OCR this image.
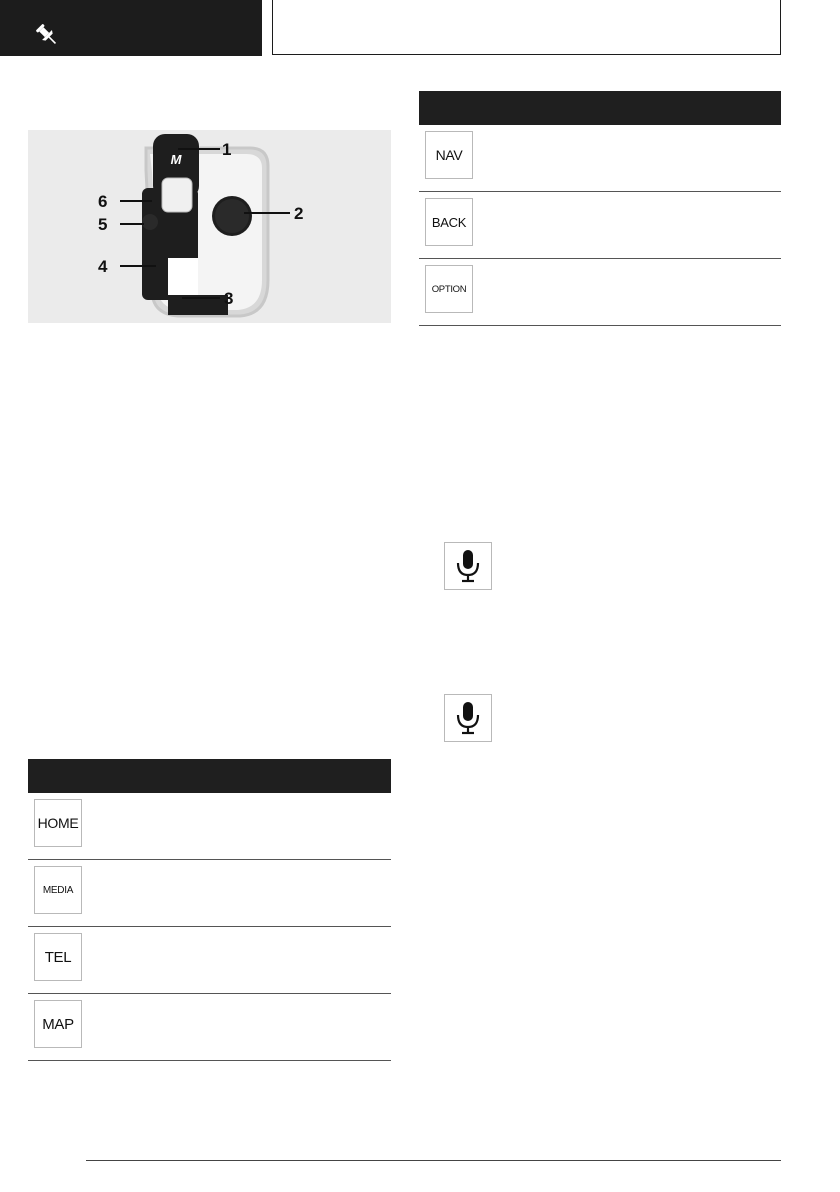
M
1
2
3
4
5
6
HOME
MEDIA
TEL
MAP
NAV
BACK
OPTION
